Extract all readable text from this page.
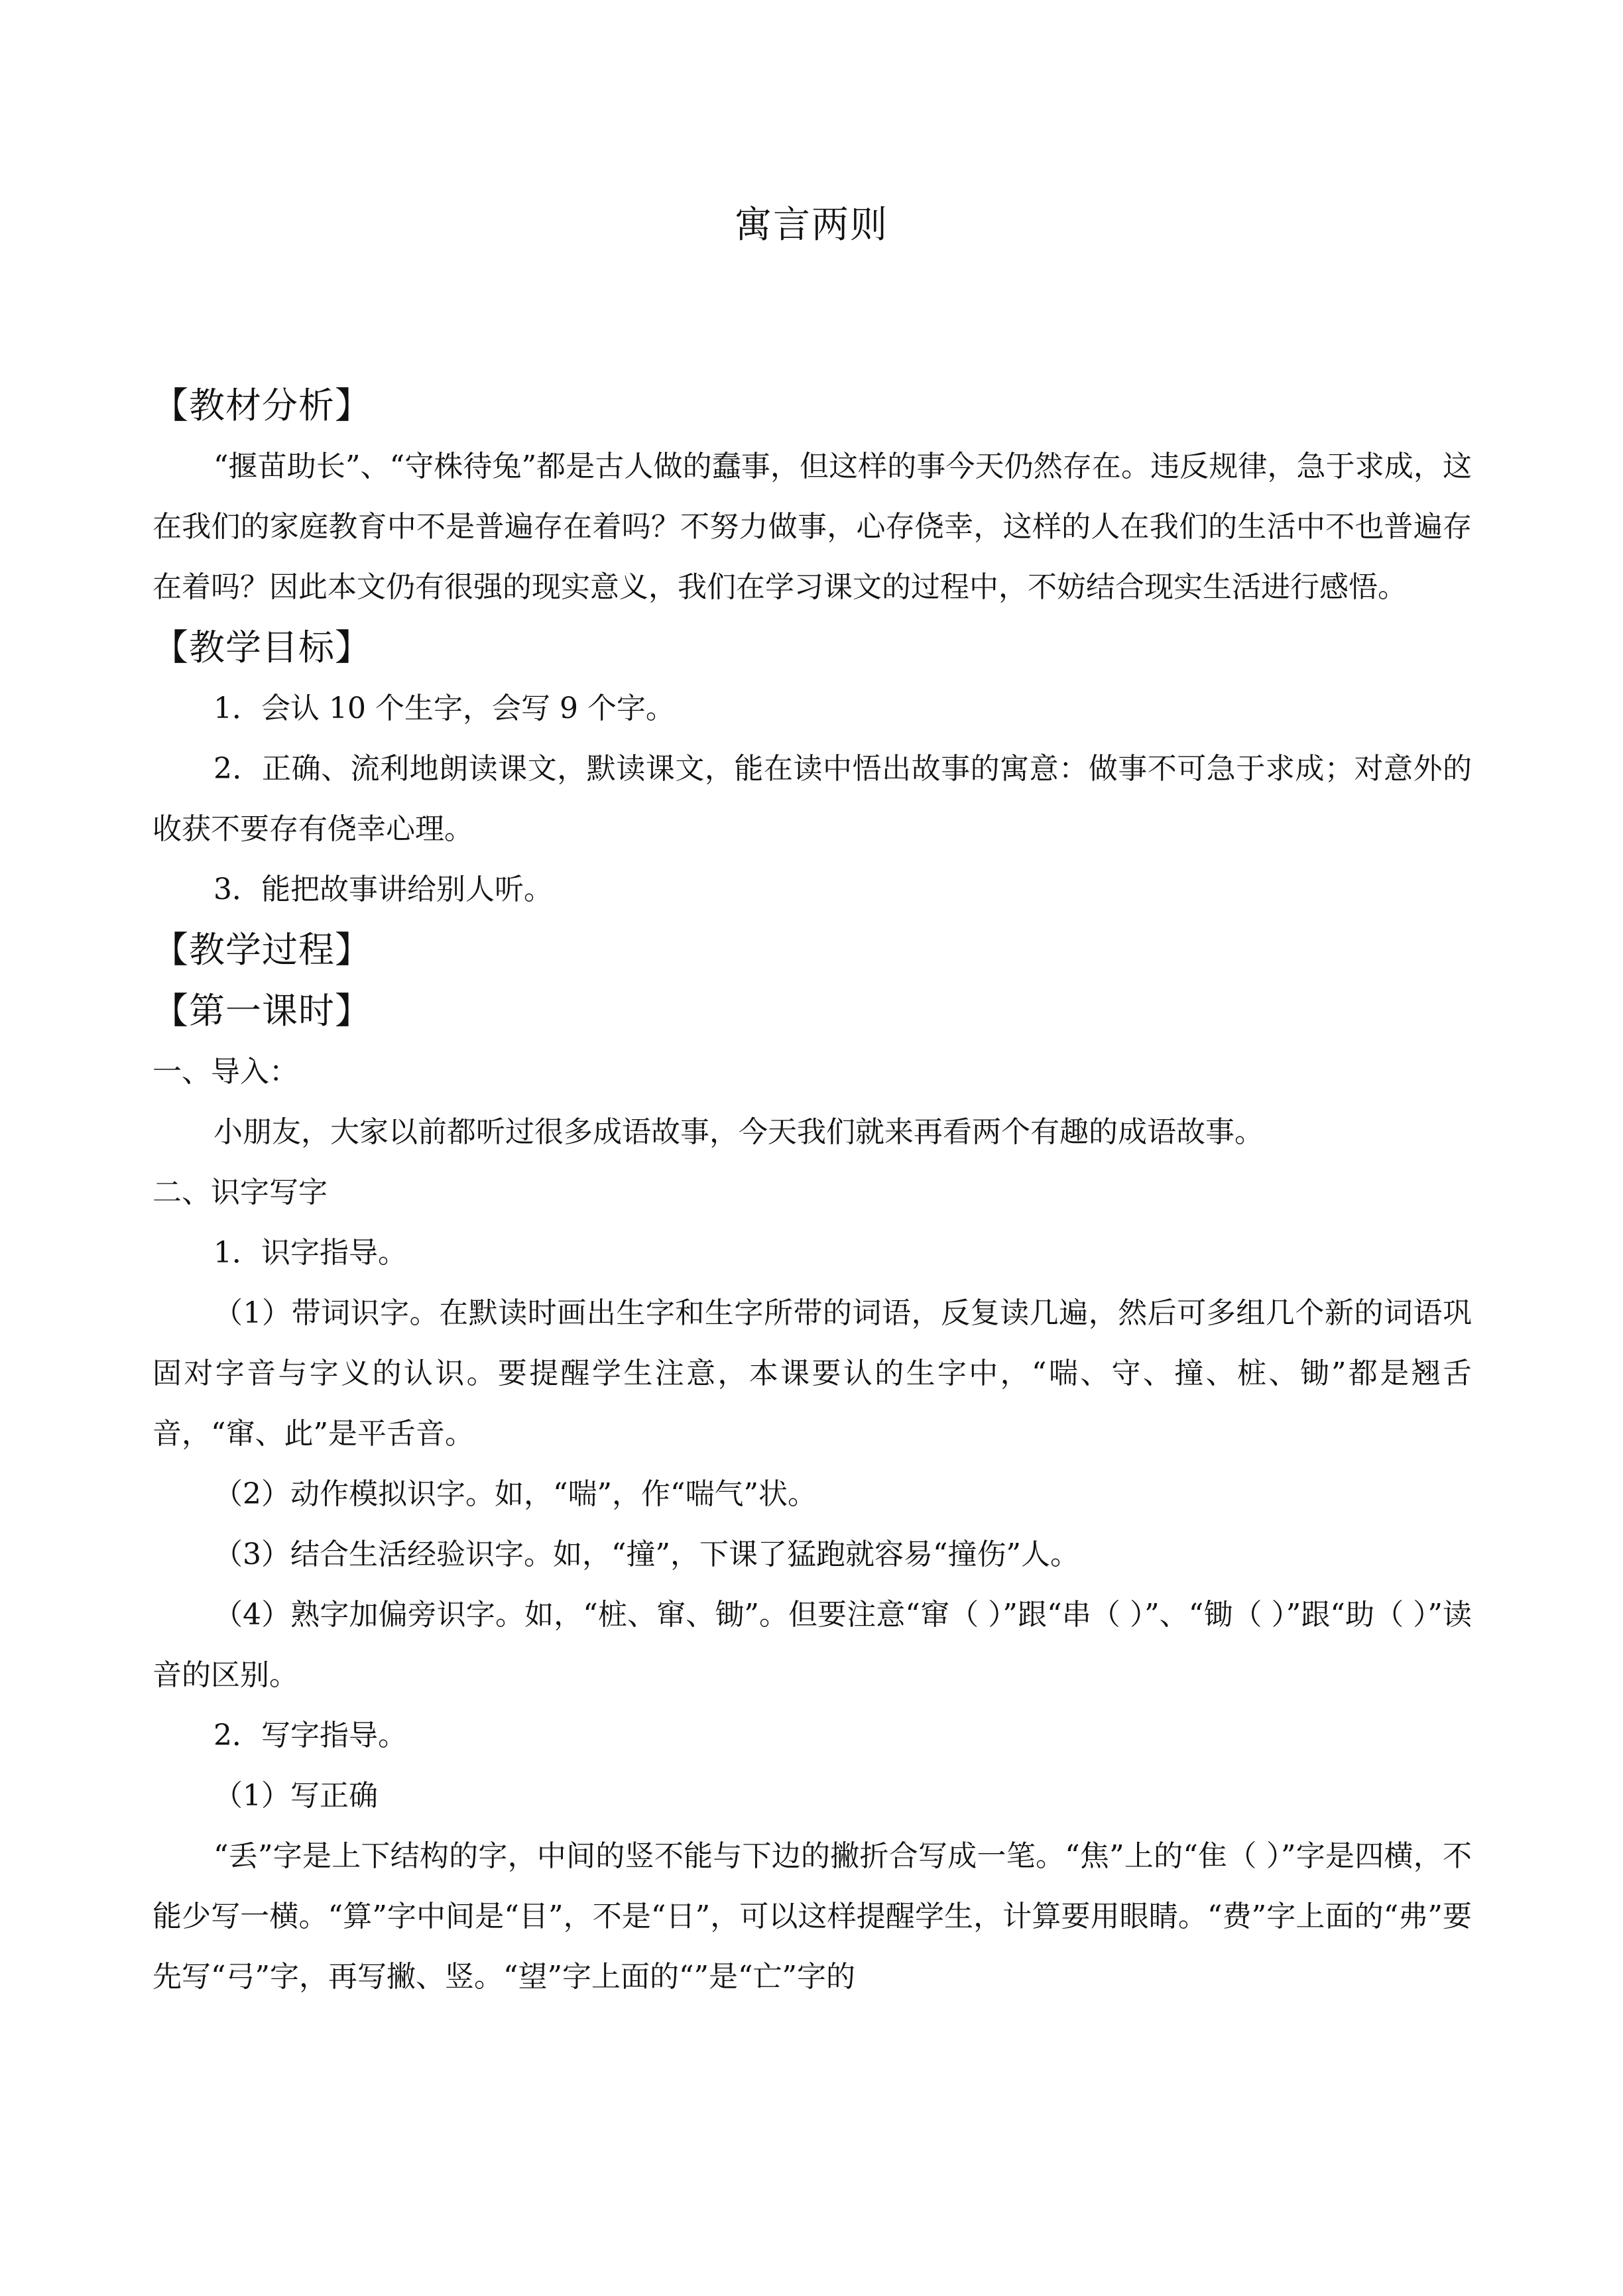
寓言两则

【教材分析】

“揠苗助长”、“守株待兔”都是古人做的蠢事，但这样的事今天仍然存在。违反规律，急于求成，这在我们的家庭教育中不是普遍存在着吗？不努力做事，心存侥幸，这样的人在我们的生活中不也普遍存在着吗？因此本文仍有很强的现实意义，我们在学习课文的过程中，不妨结合现实生活进行感悟。

【教学目标】

1．会认 10 个生字，会写 9 个字。

2．正确、流利地朗读课文，默读课文，能在读中悟出故事的寓意：做事不可急于求成；对意外的收获不要存有侥幸心理。

3．能把故事讲给别人听。

【教学过程】

【第一课时】

一、导入：

小朋友，大家以前都听过很多成语故事，今天我们就来再看两个有趣的成语故事。

二、识字写字

1．识字指导。

（1）带词识字。在默读时画出生字和生字所带的词语，反复读几遍，然后可多组几个新的词语巩固对字音与字义的认识。要提醒学生注意，本课要认的生字中，“喘、守、撞、桩、锄”都是翘舌音，“窜、此”是平舌音。

（2）动作模拟识字。如，“喘”，作“喘气”状。

（3）结合生活经验识字。如，“撞”，下课了猛跑就容易“撞伤”人。

（4）熟字加偏旁识字。如，“桩、窜、锄”。但要注意“窜（ ）”跟“串（ ）”、“锄（ ）”跟“助（ ）”读音的区别。

2．写字指导。

（1）写正确

“丢”字是上下结构的字，中间的竖不能与下边的撇折合写成一笔。“焦”上的“隹（ ）”字是四横，不能少写一横。“算”字中间是“目”，不是“日”，可以这样提醒学生，计算要用眼睛。“费”字上面的“弗”要先写“弓”字，再写撇、竖。“望”字上面的“”是“亡”字的
